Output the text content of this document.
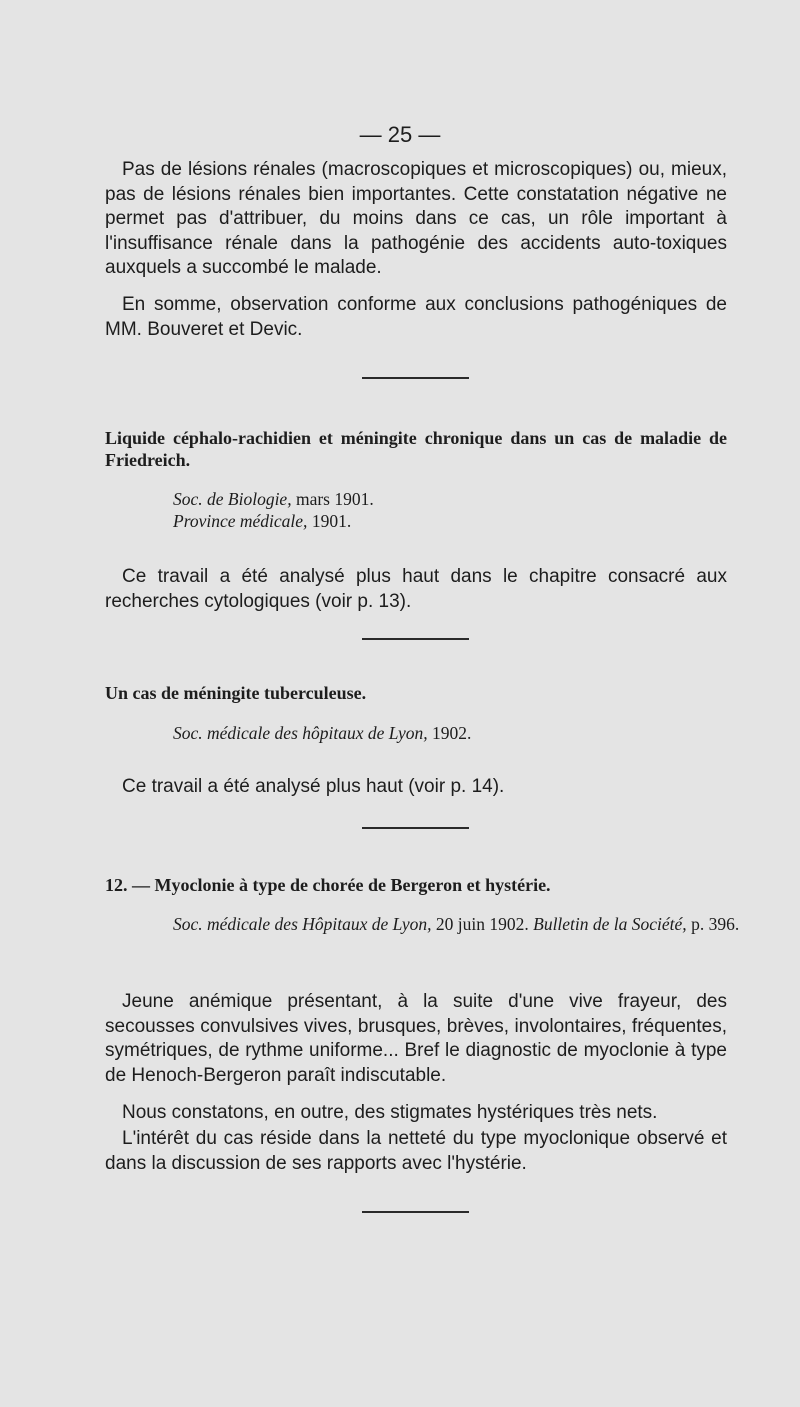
— 25 —

Pas de lésions rénales (macroscopiques et microscopiques) ou, mieux, pas de lésions rénales bien importantes. Cette constatation négative ne permet pas d'attribuer, du moins dans ce cas, un rôle important à l'insuffisance rénale dans la pathogénie des accidents auto-toxiques auxquels a succombé le malade.

En somme, observation conforme aux conclusions pathogéniques de MM. Bouveret et Devic.

Liquide céphalo-rachidien et méningite chronique dans un cas de maladie de Friedreich.

Soc. de Biologie, mars 1901.

Province médicale, 1901.

Ce travail a été analysé plus haut dans le chapitre consacré aux recherches cytologiques (voir p. 13).

Un cas de méningite tuberculeuse.

Soc. médicale des hôpitaux de Lyon, 1902.

Ce travail a été analysé plus haut (voir p. 14).

12. — Myoclonie à type de chorée de Bergeron et hystérie.

Soc. médicale des Hôpitaux de Lyon, 20 juin 1902. Bulletin de la Société, p. 396.

Jeune anémique présentant, à la suite d'une vive frayeur, des secousses convulsives vives, brusques, brèves, involontaires, fréquentes, symétriques, de rythme uniforme... Bref le diagnostic de myoclonie à type de Henoch-Bergeron paraît indiscutable.

Nous constatons, en outre, des stigmates hystériques très nets.

L'intérêt du cas réside dans la netteté du type myoclonique observé et dans la discussion de ses rapports avec l'hystérie.
